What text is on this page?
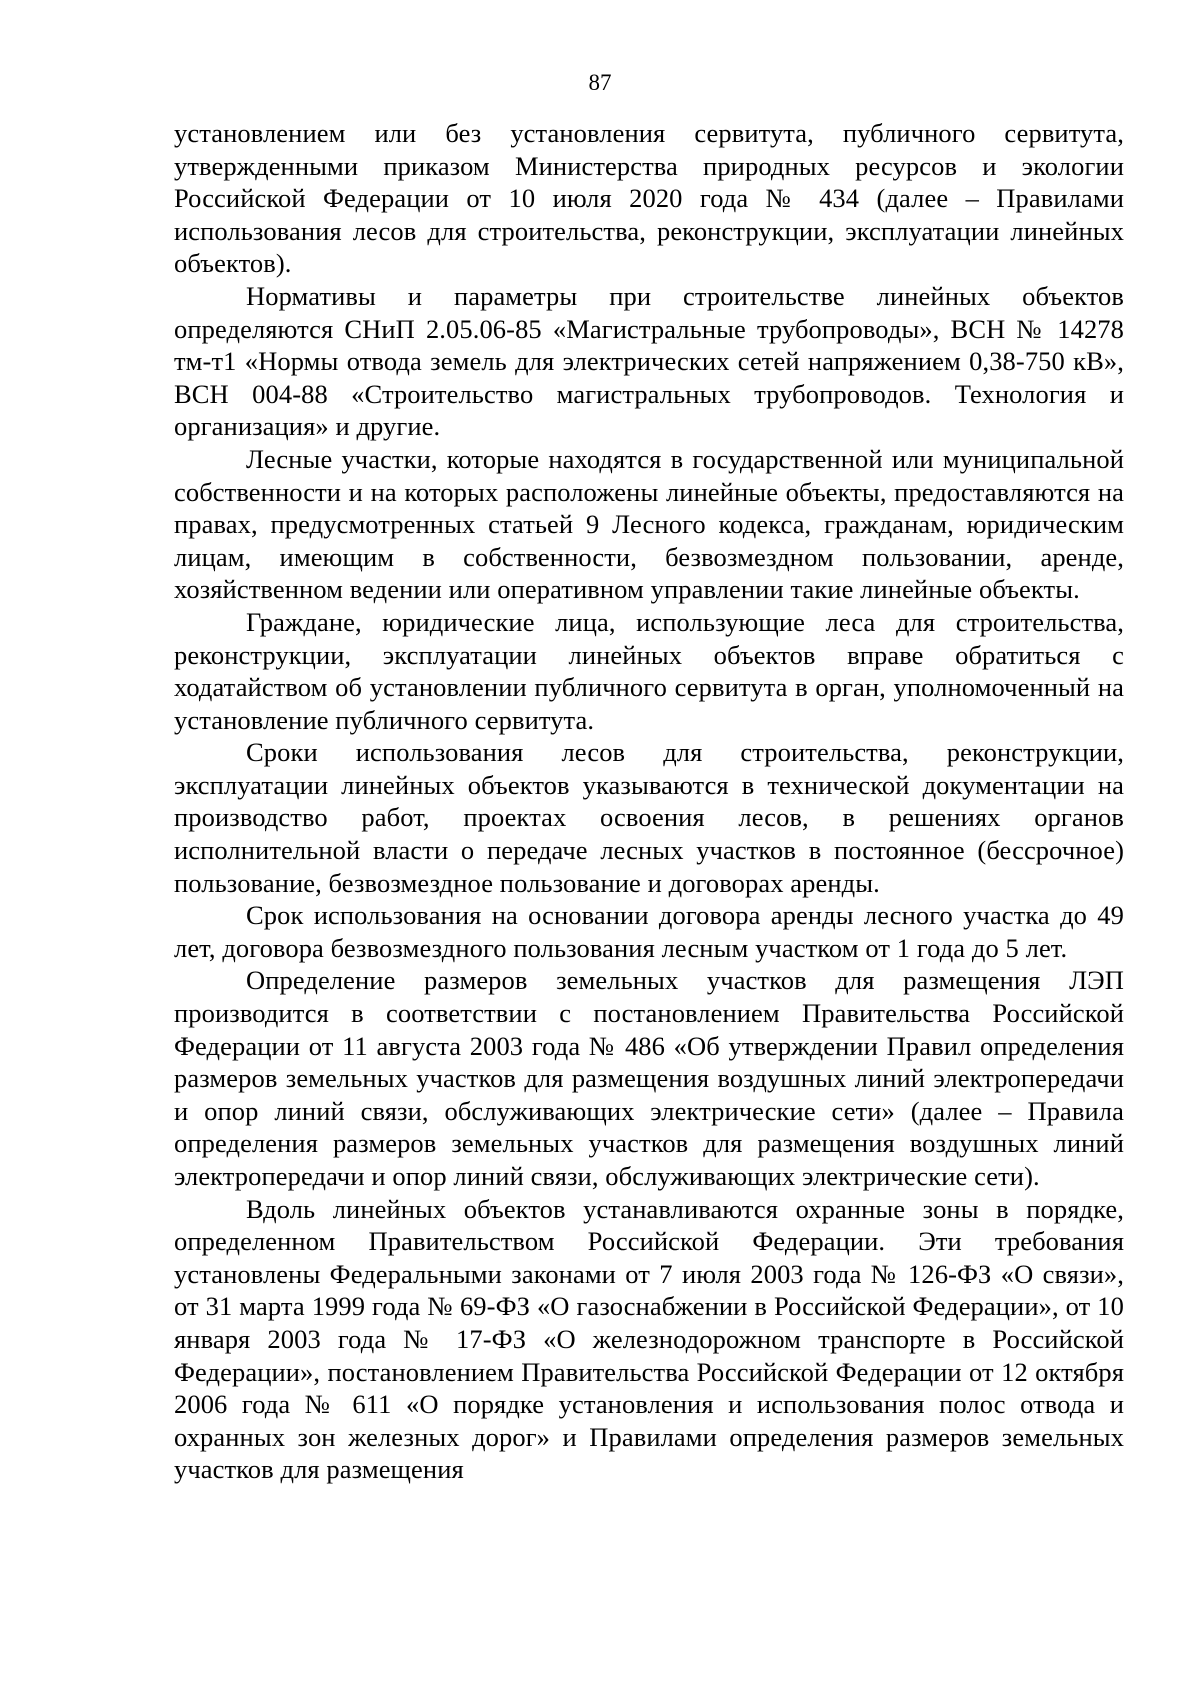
87

установлением или без установления сервитута, публичного сервитута, утвержденными приказом Министерства природных ресурсов и экологии Российской Федерации от 10 июля 2020 года № 434 (далее – Правилами использования лесов для строительства, реконструкции, эксплуатации линейных объектов).

Нормативы и параметры при строительстве линейных объектов определяются СНиП 2.05.06-85 «Магистральные трубопроводы», ВСН № 14278 тм-т1 «Нормы отвода земель для электрических сетей напряжением 0,38-750 кВ», ВСН 004-88 «Строительство магистральных трубопроводов. Технология и организация» и другие.

Лесные участки, которые находятся в государственной или муниципальной собственности и на которых расположены линейные объекты, предоставляются на правах, предусмотренных статьей 9 Лесного кодекса, гражданам, юридическим лицам, имеющим в собственности, безвозмездном пользовании, аренде, хозяйственном ведении или оперативном управлении такие линейные объекты.

Граждане, юридические лица, использующие леса для строительства, реконструкции, эксплуатации линейных объектов вправе обратиться с ходатайством об установлении публичного сервитута в орган, уполномоченный на установление публичного сервитута.

Сроки использования лесов для строительства, реконструкции, эксплуатации линейных объектов указываются в технической документации на производство работ, проектах освоения лесов, в решениях органов исполнительной власти о передаче лесных участков в постоянное (бессрочное) пользование, безвозмездное пользование и договорах аренды.

Срок использования на основании договора аренды лесного участка до 49 лет, договора безвозмездного пользования лесным участком от 1 года до 5 лет.

Определение размеров земельных участков для размещения ЛЭП производится в соответствии с постановлением Правительства Российской Федерации от 11 августа 2003 года № 486 «Об утверждении Правил определения размеров земельных участков для размещения воздушных линий электропередачи и опор линий связи, обслуживающих электрические сети» (далее – Правила определения размеров земельных участков для размещения воздушных линий электропередачи и опор линий связи, обслуживающих электрические сети).

Вдоль линейных объектов устанавливаются охранные зоны в порядке, определенном Правительством Российской Федерации. Эти требования установлены Федеральными законами от 7 июля 2003 года № 126-ФЗ «О связи», от 31 марта 1999 года № 69-ФЗ «О газоснабжении в Российской Федерации», от 10 января 2003 года № 17-ФЗ «О железнодорожном транспорте в Российской Федерации», постановлением Правительства Российской Федерации от 12 октября 2006 года № 611 «О порядке установления и использования полос отвода и охранных зон железных дорог» и Правилами определения размеров земельных участков для размещения
